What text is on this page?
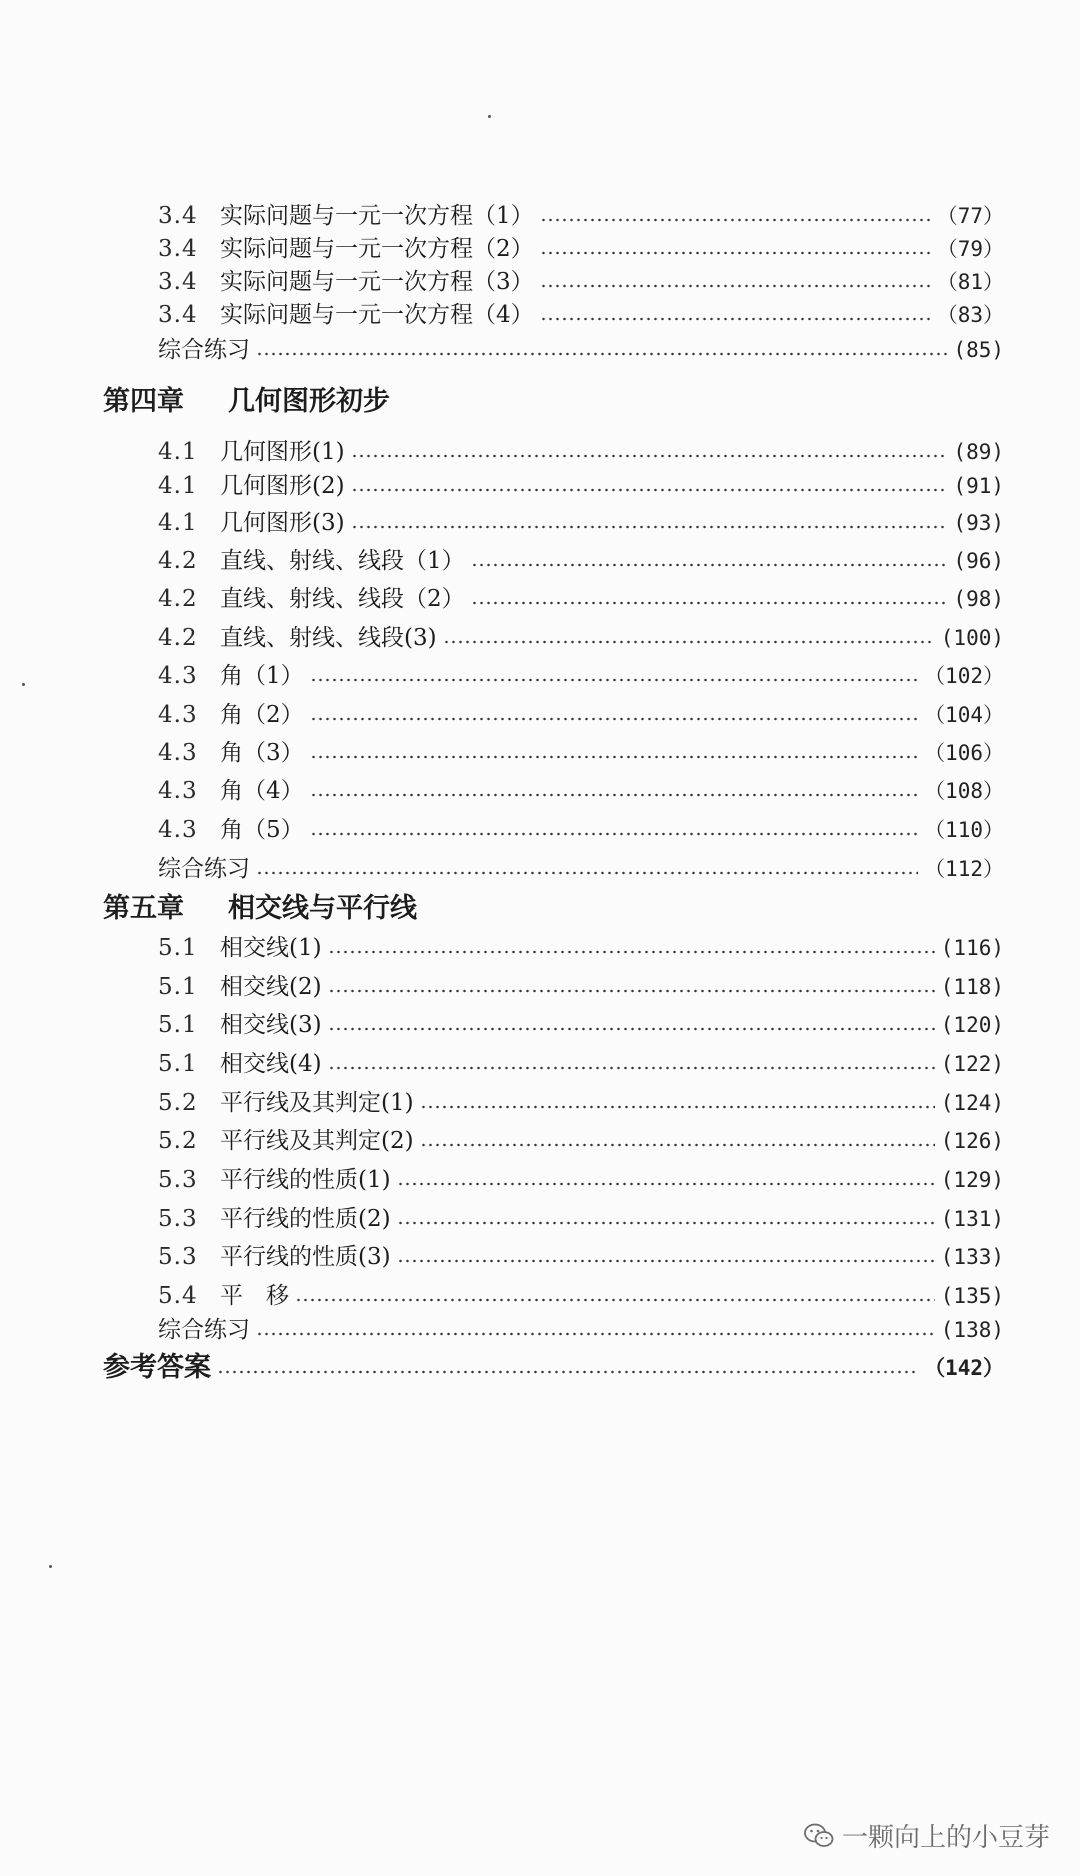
3.4 实际问题与一元一次方程（1）	（77）
3.4 实际问题与一元一次方程（2）	（79）
3.4 实际问题与一元一次方程（3）	（81）
3.4 实际问题与一元一次方程（4）	（83）
综合练习	(85)
第四章	几何图形初步
4.1 几何图形(1)	(89)
4.1 几何图形(2)	(91)
4.1 几何图形(3)	(93)
4.2 直线、射线、线段（1）	(96)
4.2 直线、射线、线段（2）	(98)
4.2 直线、射线、线段(3)	(100)
4.3 角（1）	（102）
4.3 角（2）	（104）
4.3 角（3）	（106）
4.3 角（4）	（108）
4.3 角（5）	（110）
综合练习	（112）
第五章	相交线与平行线
5.1 相交线(1)	(116)
5.1 相交线(2)	(118)
5.1 相交线(3)	(120)
5.1 相交线(4)	(122)
5.2 平行线及其判定(1)	(124)
5.2 平行线及其判定(2)	(126)
5.3 平行线的性质(1)	(129)
5.3 平行线的性质(2)	(131)
5.3 平行线的性质(3)	(133)
5.4 平　移	(135)
综合练习	(138)
参考答案	（142）
一颗向上的小豆芽
